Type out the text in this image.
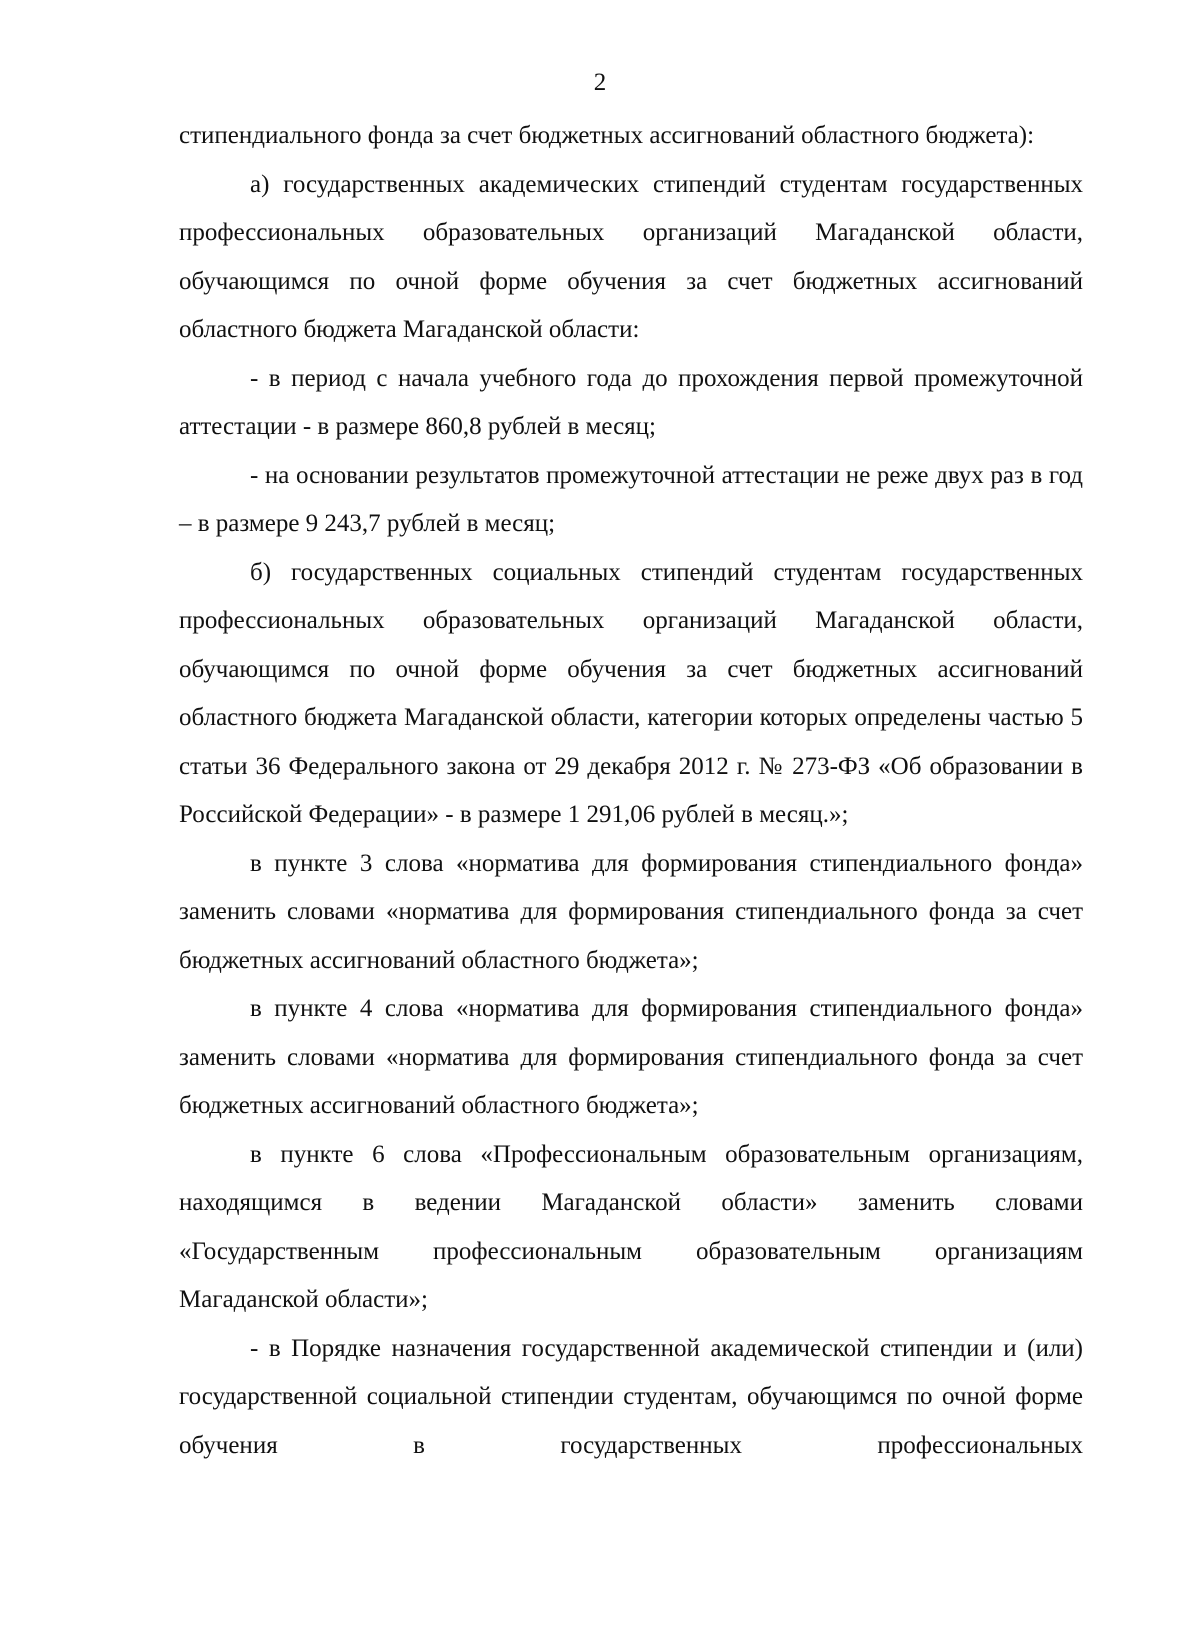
2

стипендиального фонда за счет бюджетных ассигнований областного бюджета):

а) государственных академических стипендий студентам государственных профессиональных образовательных организаций Магаданской области, обучающимся по очной форме обучения за счет бюджетных ассигнований областного бюджета Магаданской области:

- в период с начала учебного года до прохождения первой промежуточной аттестации - в размере 860,8 рублей в месяц;

- на основании результатов промежуточной аттестации не реже двух раз в год – в размере 9 243,7 рублей в месяц;

б) государственных социальных стипендий студентам государственных профессиональных образовательных организаций Магаданской области, обучающимся по очной форме обучения за счет бюджетных ассигнований областного бюджета Магаданской области, категории которых определены частью 5 статьи 36 Федерального закона от 29 декабря 2012 г. № 273-ФЗ «Об образовании в Российской Федерации» - в размере 1 291,06 рублей в месяц.»;

в пункте 3 слова «норматива для формирования стипендиального фонда» заменить словами «норматива для формирования стипендиального фонда за счет бюджетных ассигнований областного бюджета»;

в пункте 4 слова «норматива для формирования стипендиального фонда» заменить словами «норматива для формирования стипендиального фонда за счет бюджетных ассигнований областного бюджета»;

в пункте 6 слова «Профессиональным образовательным организациям, находящимся в ведении Магаданской области» заменить словами «Государственным профессиональным образовательным организациям Магаданской области»;

- в Порядке назначения государственной академической стипендии и (или) государственной социальной стипендии студентам, обучающимся по очной форме обучения в государственных профессиональных
